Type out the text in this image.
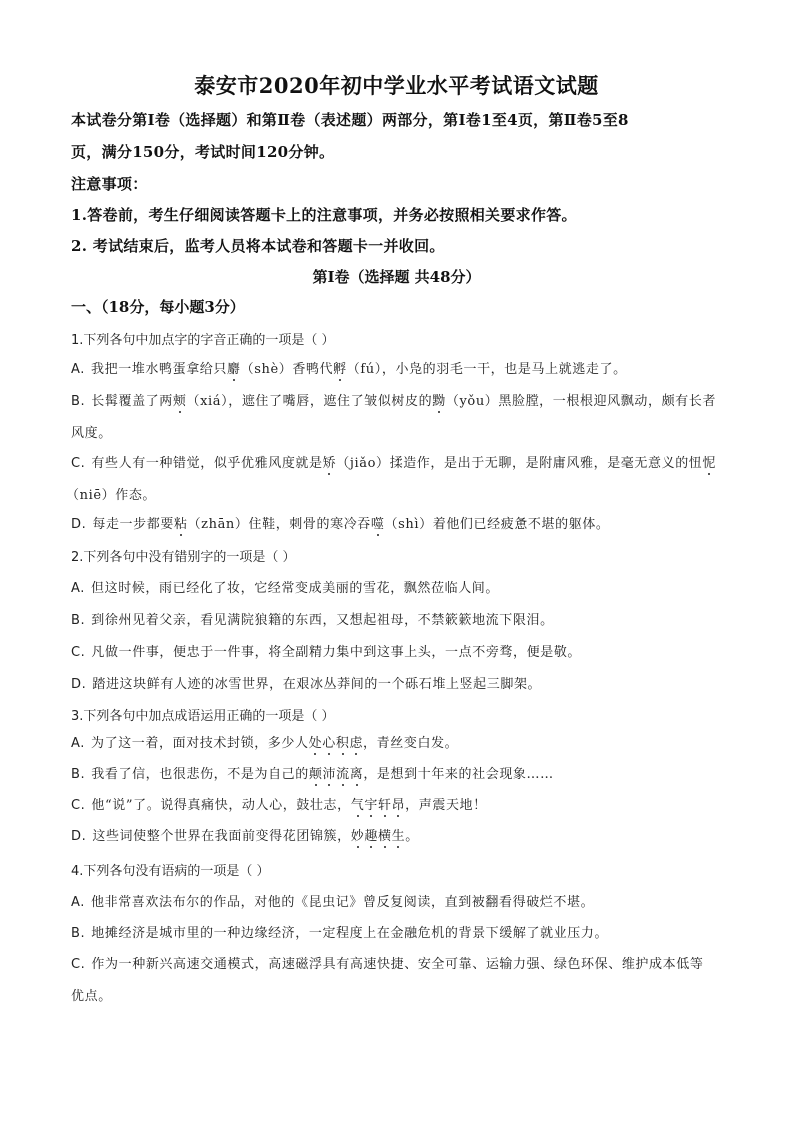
泰安市2020年初中学业水平考试语文试题
本试卷分第Ⅰ卷（选择题）和第Ⅱ卷（表述题）两部分，第Ⅰ卷1至4页，第Ⅱ卷5至8
页，满分150分，考试时间120分钟。
注意事项：
1.答卷前，考生仔细阅读答题卡上的注意事项，并务必按照相关要求作答。
2. 考试结束后，监考人员将本试卷和答题卡一并收回。
第Ⅰ卷（选择题 共48分）
一、（18分，每小题3分）
1.下列各句中加点字的字音正确的一项是（ ）
A. 我把一堆水鸭蛋拿给只麝（shè）香鸭代孵（fú），小凫的羽毛一干，也是马上就逃走了。
B. 长髯覆盖了两颊（xiá），遮住了嘴唇，遮住了皱似树皮的黝（yǒu）黑脸膛，一根根迎风飘动，颇有长者
风度。
C. 有些人有一种错觉，似乎优雅风度就是矫（jiǎo）揉造作，是出于无聊，是附庸风雅，是毫无意义的忸怩
（niē）作态。
D. 每走一步都要粘（zhān）住鞋，刺骨的寒冷吞噬（shì）着他们已经疲惫不堪的躯体。
2.下列各句中没有错别字的一项是（ ）
A. 但这时候，雨已经化了妆，它经常变成美丽的雪花，飘然莅临人间。
B. 到徐州见着父亲，看见满院狼籍的东西，又想起祖母，不禁簌簌地流下限泪。
C. 凡做一件事，便忠于一件事，将全副精力集中到这事上头，一点不旁骛，便是敬。
D. 踏进这块鲜有人迹的冰雪世界，在艰冰丛莽间的一个砾石堆上竖起三脚架。
3.下列各句中加点成语运用正确的一项是（ ）
A. 为了这一着，面对技术封锁，多少人处心积虑，青丝变白发。
B. 我看了信，也很悲伤，不是为自己的颠沛流离，是想到十年来的社会现象……
C. 他“说”了。说得真痛快，动人心，鼓壮志，气宇轩昂，声震天地！
D. 这些词使整个世界在我面前变得花团锦簇，妙趣横生。
4.下列各句没有语病的一项是（ ）
A. 他非常喜欢法布尔的作品，对他的《昆虫记》曾反复阅读，直到被翻看得破烂不堪。
B. 地摊经济是城市里的一种边缘经济，一定程度上在金融危机的背景下缓解了就业压力。
C. 作为一种新兴高速交通模式，高速磁浮具有高速快捷、安全可靠、运输力强、绿色环保、维护成本低等
优点。
